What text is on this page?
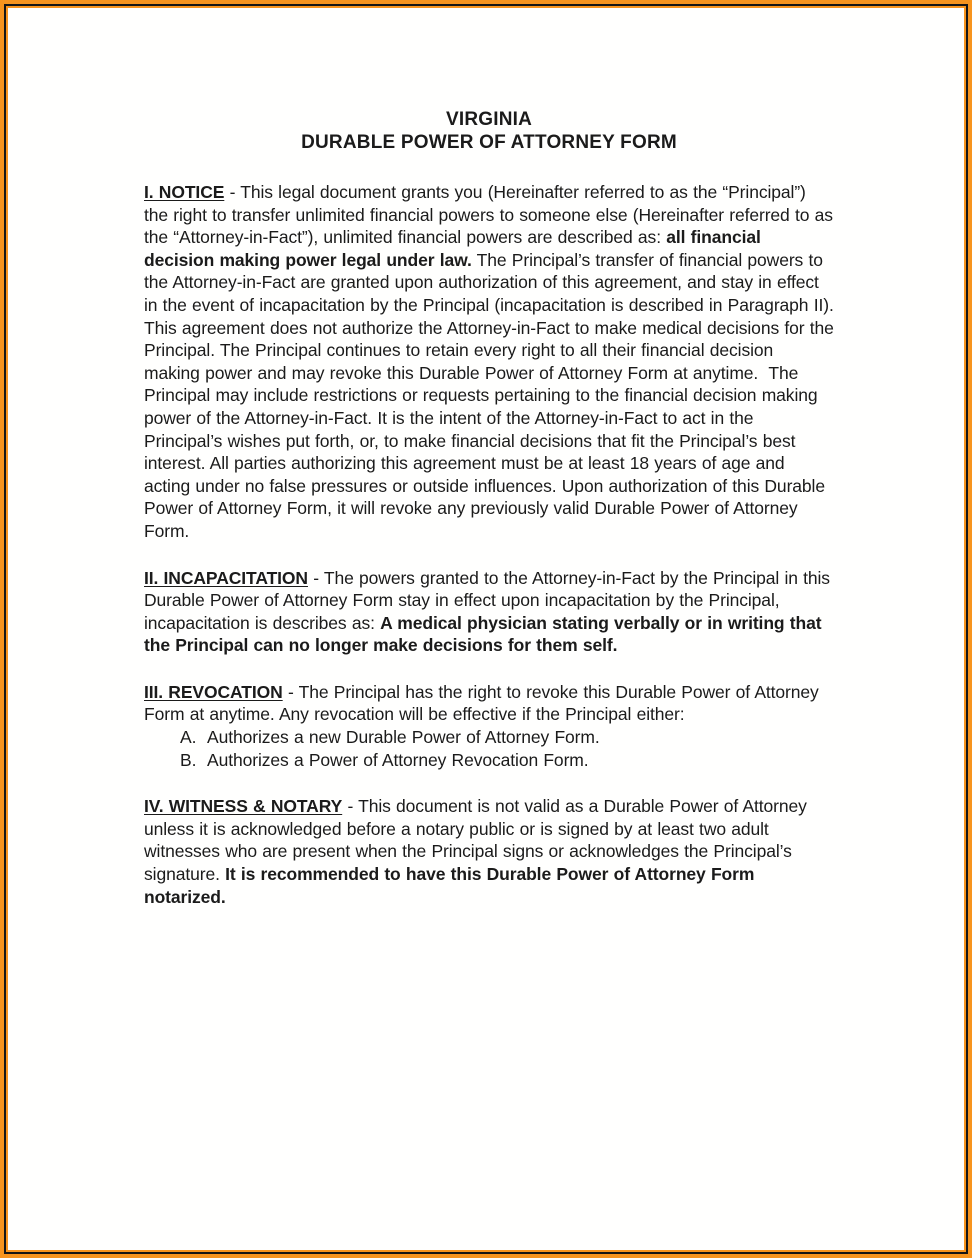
VIRGINIA
DURABLE POWER OF ATTORNEY FORM
I. NOTICE - This legal document grants you (Hereinafter referred to as the “Principal”) the right to transfer unlimited financial powers to someone else (Hereinafter referred to as the “Attorney-in-Fact”), unlimited financial powers are described as: all financial decision making power legal under law. The Principal’s transfer of financial powers to the Attorney-in-Fact are granted upon authorization of this agreement, and stay in effect in the event of incapacitation by the Principal (incapacitation is described in Paragraph II). This agreement does not authorize the Attorney-in-Fact to make medical decisions for the Principal. The Principal continues to retain every right to all their financial decision making power and may revoke this Durable Power of Attorney Form at anytime.  The Principal may include restrictions or requests pertaining to the financial decision making power of the Attorney-in-Fact. It is the intent of the Attorney-in-Fact to act in the Principal’s wishes put forth, or, to make financial decisions that fit the Principal’s best interest. All parties authorizing this agreement must be at least 18 years of age and acting under no false pressures or outside influences. Upon authorization of this Durable Power of Attorney Form, it will revoke any previously valid Durable Power of Attorney Form.
II. INCAPACITATION - The powers granted to the Attorney-in-Fact by the Principal in this Durable Power of Attorney Form stay in effect upon incapacitation by the Principal, incapacitation is describes as: A medical physician stating verbally or in writing that the Principal can no longer make decisions for them self.
III. REVOCATION - The Principal has the right to revoke this Durable Power of Attorney Form at anytime. Any revocation will be effective if the Principal either:
A. Authorizes a new Durable Power of Attorney Form.
B. Authorizes a Power of Attorney Revocation Form.
IV. WITNESS & NOTARY - This document is not valid as a Durable Power of Attorney unless it is acknowledged before a notary public or is signed by at least two adult witnesses who are present when the Principal signs or acknowledges the Principal’s signature. It is recommended to have this Durable Power of Attorney Form notarized.
